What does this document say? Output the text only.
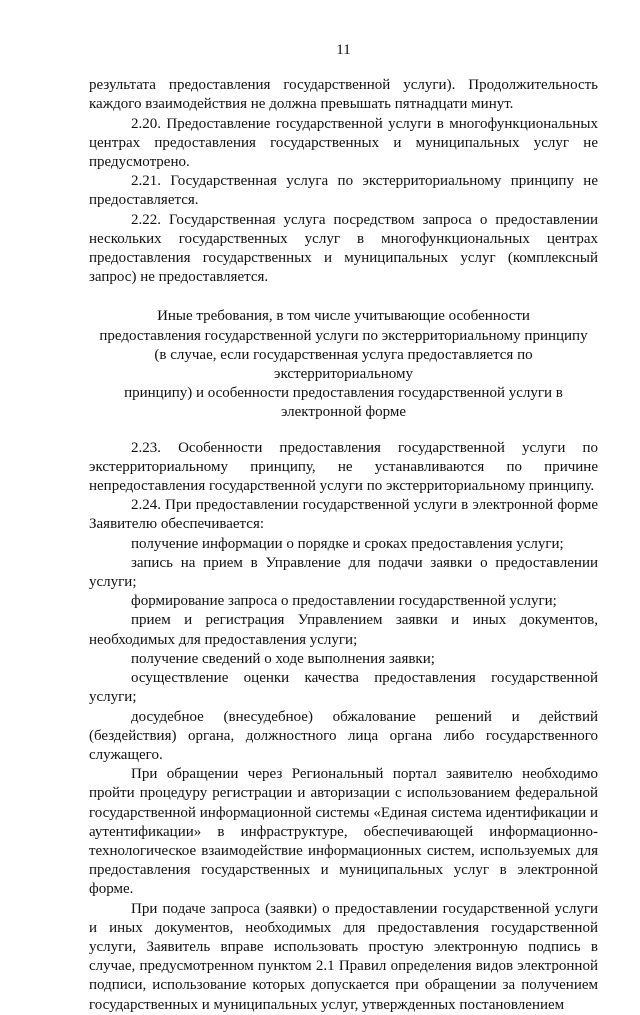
11

результата предоставления государственной услуги). Продолжительность каждого взаимодействия не должна превышать пятнадцати минут.

2.20. Предоставление государственной услуги в многофункциональных центрах предоставления государственных и муниципальных услуг не предусмотрено.

2.21. Государственная услуга по экстерриториальному принципу не предоставляется.

2.22. Государственная услуга посредством запроса о предоставлении нескольких государственных услуг в многофункциональных центрах предоставления государственных и муниципальных услуг (комплексный запрос) не предоставляется.

Иные требования, в том числе учитывающие особенности
предоставления государственной услуги по экстерриториальному принципу
(в случае, если государственная услуга предоставляется по экстерриториальному
принципу) и особенности предоставления государственной услуги в
электронной форме

2.23. Особенности предоставления государственной услуги по экстерриториальному принципу, не устанавливаются по причине непредоставления государственной услуги по экстерриториальному принципу.

2.24. При предоставлении государственной услуги в электронной форме Заявителю обеспечивается:

получение информации о порядке и сроках предоставления услуги;

запись на прием в Управление для подачи заявки о предоставлении услуги;

формирование запроса о предоставлении государственной услуги;

прием и регистрация Управлением заявки и иных документов, необходимых для предоставления услуги;

получение сведений о ходе выполнения заявки;

осуществление оценки качества предоставления государственной услуги;

досудебное (внесудебное) обжалование решений и действий (бездействия) органа, должностного лица органа либо государственного служащего.

При обращении через Региональный портал заявителю необходимо пройти процедуру регистрации и авторизации с использованием федеральной государственной информационной системы «Единая система идентификации и аутентификации» в инфраструктуре, обеспечивающей информационно-технологическое взаимодействие информационных систем, используемых для предоставления государственных и муниципальных услуг в электронной форме.

При подаче запроса (заявки) о предоставлении государственной услуги и иных документов, необходимых для предоставления государственной услуги, Заявитель вправе использовать простую электронную подпись в случае, предусмотренном пунктом 2.1 Правил определения видов электронной подписи, использование которых допускается при обращении за получением государственных и муниципальных услуг, утвержденных постановлением
